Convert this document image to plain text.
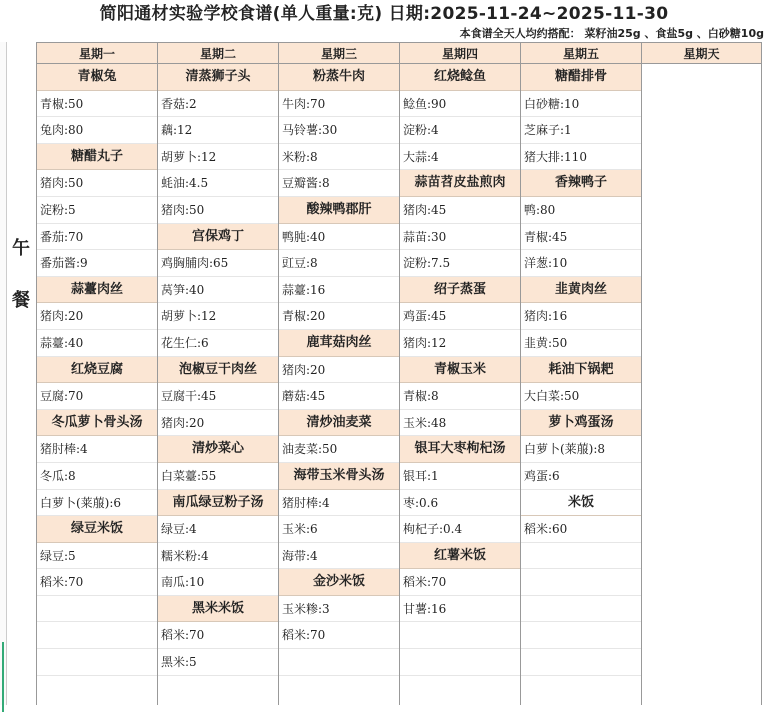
简阳通材实验学校食谱(单人重量:克) 日期:2025-11-24~2025-11-30
本食谱全天人均约搭配： 菜籽油25g 、食盐5g 、白砂糖10g
午
餐
星期一
青椒兔
青椒:50
兔肉:80
糖醋丸子
猪肉:50
淀粉:5
番茄:70
番茄酱:9
蒜薹肉丝
猪肉:20
蒜薹:40
红烧豆腐
豆腐:70
冬瓜萝卜骨头汤
猪肘棒:4
冬瓜:8
白萝卜(莱菔):6
绿豆米饭
绿豆:5
稻米:70
星期二
清蒸狮子头
香菇:2
藕:12
胡萝卜:12
蚝油:4.5
猪肉:50
宫保鸡丁
鸡胸脯肉:65
莴笋:40
胡萝卜:12
花生仁:6
泡椒豆干肉丝
豆腐干:45
猪肉:20
清炒菜心
白菜薹:55
南瓜绿豆粉子汤
绿豆:4
糯米粉:4
南瓜:10
黑米米饭
稻米:70
黑米:5
星期三
粉蒸牛肉
牛肉:70
马铃薯:30
米粉:8
豆瓣酱:8
酸辣鸭郡肝
鸭肫:40
豇豆:8
蒜薹:16
青椒:20
鹿茸菇肉丝
猪肉:20
蘑菇:45
清炒油麦菜
油麦菜:50
海带玉米骨头汤
猪肘棒:4
玉米:6
海带:4
金沙米饭
玉米糁:3
稻米:70
星期四
红烧鲶鱼
鲶鱼:90
淀粉:4
大蒜:4
蒜苗苕皮盐煎肉
猪肉:45
蒜苗:30
淀粉:7.5
绍子蒸蛋
鸡蛋:45
猪肉:12
青椒玉米
青椒:8
玉米:48
银耳大枣枸杞汤
银耳:1
枣:0.6
枸杞子:0.4
红薯米饭
稻米:70
甘薯:16
星期五
糖醋排骨
白砂糖:10
芝麻子:1
猪大排:110
香辣鸭子
鸭:80
青椒:45
洋葱:10
韭黄肉丝
猪肉:16
韭黄:50
耗油下锅耙
大白菜:50
萝卜鸡蛋汤
白萝卜(莱菔):8
鸡蛋:6
米饭
稻米:60
星期天
